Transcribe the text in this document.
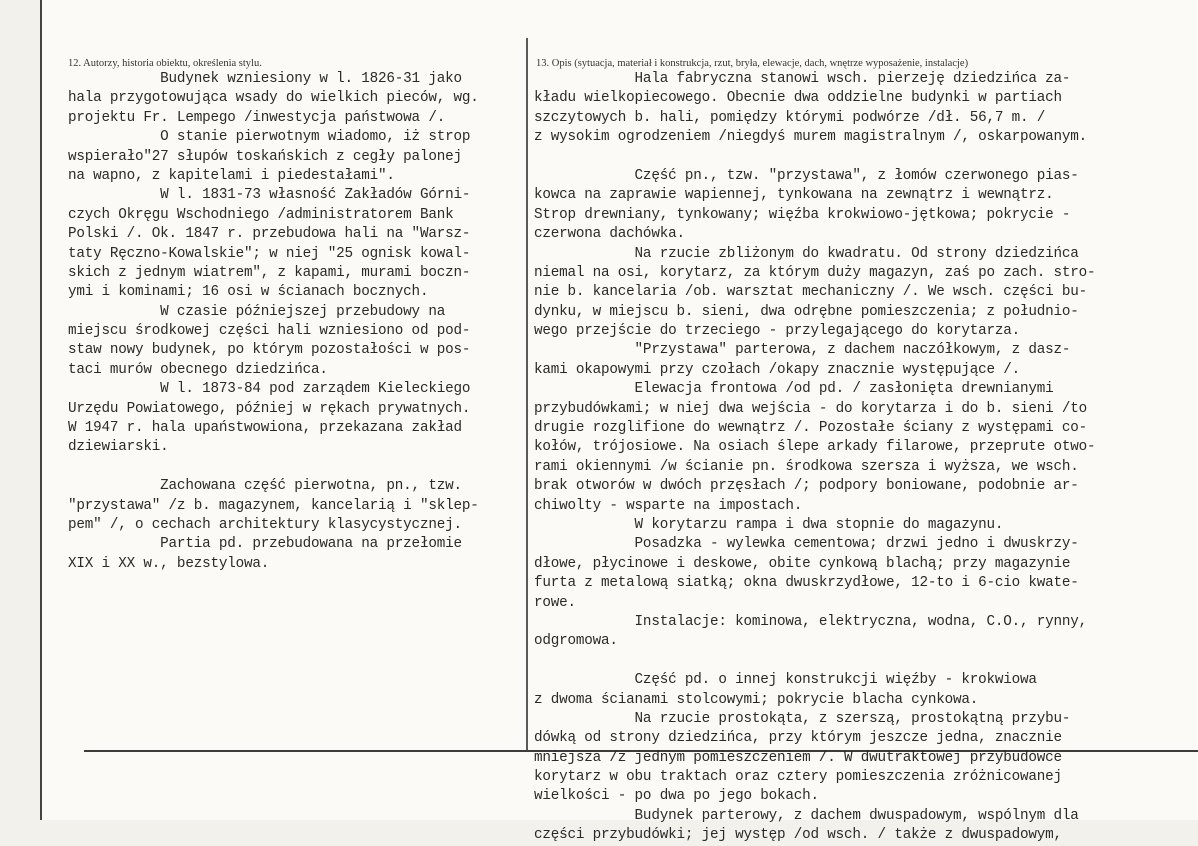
12. Autorzy, historia obiektu, określenia stylu.	13. Opis (sytuacja, materiał i konstrukcja, rzut, bryła, elewacje, dach, wnętrze wyposażenie, instalacje)
Budynek wzniesiony w l. 1826-31 jako
hala przygotowująca wsady do wielkich pieców, wg.
projektu Fr. Lempego /inwestycja państwowa /.
O stanie pierwotnym wiadomo, iż strop
wspierało"27 słupów toskańskich z cegły palonej
na wapno, z kapitelami i piedestałami".
W l. 1831-73 własność Zakładów Górni-
czych Okręgu Wschodniego /administratorem Bank
Polski /. Ok. 1847 r. przebudowa hali na "Warsz-
taty Ręczno-Kowalskie"; w niej "25 ognisk kowal-
skich z jednym wiatrem", z kapami, murami boczn-
ymi i kominami; 16 osi w ścianach bocznych.
W czasie późniejszej przebudowy na
miejscu środkowej części hali wzniesiono od pod-
staw nowy budynek, po którym pozostałości w pos-
taci murów obecnego dziedzińca.
W l. 1873-84 pod zarządem Kieleckiego
Urzędu Powiatowego, później w rękach prywatnych.
W 1947 r. hala upaństwowiona, przekazana zakład
dziewiarski.
Zachowana część pierwotna, pn., tzw.
"przystawa" /z b. magazynem, kancelarią i "sklep-
pem" /, o cechach architektury klasycystycznej.
Partia pd. przebudowana na przełomie
XIX i XX w., bezstylowa.
Hala fabryczna stanowi wsch. pierzeję dziedzińca za-
kładu wielkopiecowego. Obecnie dwa oddzielne budynki w partiach
szczytowych b. hali, pomiędzy którymi podwórze /dł. 56,7 m. /
z wysokim ogrodzeniem /niegdyś murem magistralnym /, oskarpowanym.
Część pn., tzw. "przystawa", z łomów czerwonego pias-
kowca na zaprawie wapiennej, tynkowana na zewnątrz i wewnątrz.
Strop drewniany, tynkowany; więźba krokwiowo-jętkowa; pokrycie -
czerwona dachówka.
Na rzucie zbliżonym do kwadratu. Od strony dziedzińca
niemal na osi, korytarz, za którym duży magazyn, zaś po zach. stro-
nie b. kancelaria /ob. warsztat mechaniczny /. We wsch. części bu-
dynku, w miejscu b. sieni, dwa odrębne pomieszczenia; z południo-
wego przejście do trzeciego - przylegającego do korytarza.
"Przystawa" parterowa, z dachem naczółkowym, z dasz-
kami okapowymi przy czołach /okapy znacznie występujące /.
Elewacja frontowa /od pd. / zasłonięta drewnianymi
przybudówkami; w niej dwa wejścia - do korytarza i do b. sieni /to
drugie rozglifione do wewnątrz /. Pozostałe ściany z występami co-
kołów, trójosiowe. Na osiach ślepe arkady filarowe, przeprute otwo-
rami okiennymi /w ścianie pn. środkowa szersza i wyższa, we wsch.
brak otworów w dwóch przęsłach /; podpory boniowane, podobnie ar-
chiwolty - wsparte na impostach.
W korytarzu rampa i dwa stopnie do magazynu.
Posadzka - wylewka cementowa; drzwi jedno i dwuskrzy-
dłowe, płycinowe i deskowe, obite cynkową blachą; przy magazynie
furta z metalową siatką; okna dwuskrzydłowe, 12-to i 6-cio kwate-
rowe.
Instalacje: kominowa, elektryczna, wodna, C.O., rynny,
odgromowa.
Część pd. o innej konstrukcji więźby - krokwiowa
z dwoma ścianami stolcowymi; pokrycie blacha cynkowa.
Na rzucie prostokąta, z szerszą, prostokątną przybu-
dówką od strony dziedzińca, przy którym jeszcze jedna, znacznie
mniejsza /z jednym pomieszczeniem /. W dwutraktowej przybudówce
korytarz w obu traktach oraz cztery pomieszczenia zróżnicowanej
wielkości - po dwa po jego bokach.
Budynek parterowy, z dachem dwuspadowym, wspólnym dla
części przybudówki; jej występ /od wsch. / także z dwuspadowym,
